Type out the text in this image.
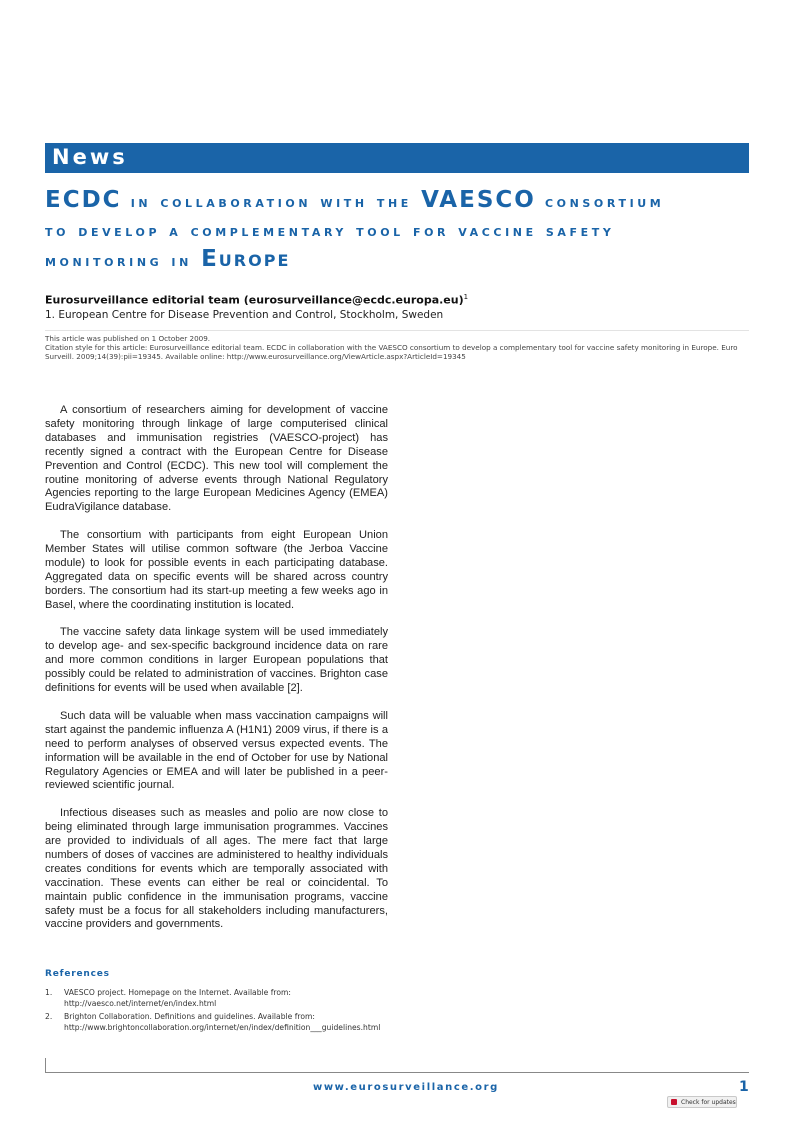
News
ECDC in collaboration with the VAESCO consortium
to develop a complementary tool for vaccine safety
monitoring in Europe
Eurosurveillance editorial team (eurosurveillance@ecdc.europa.eu)$^1$
1. European Centre for Disease Prevention and Control, Stockholm, Sweden
This article was published on 1 October 2009.
Citation style for this article: Eurosurveillance editorial team. ECDC in collaboration with the VAESCO consortium to develop a complementary tool for vaccine safety monitoring in Europe. Euro Surveill. 2009;14(39):pii=19345. Available online: http://www.eurosurveillance.org/ViewArticle.aspx?ArticleId=19345

A consortium of researchers aiming for development of vaccine safety monitoring through linkage of large computerised clinical databases and immunisation registries (VAESCO-project) has recently signed a contract with the European Centre for Disease Prevention and Control (ECDC). This new tool will complement the routine monitoring of adverse events through National Regulatory Agencies reporting to the large European Medicines Agency (EMEA) EudraVigilance database.

The consortium with participants from eight European Union Member States will utilise common software (the Jerboa Vaccine module) to look for possible events in each participating database. Aggregated data on specific events will be shared across country borders. The consortium had its start-up meeting a few weeks ago in Basel, where the coordinating institution is located.

The vaccine safety data linkage system will be used immediately to develop age- and sex-specific background incidence data on rare and more common conditions in larger European populations that possibly could be related to administration of vaccines. Brighton case definitions for events will be used when available [2].

Such data will be valuable when mass vaccination campaigns will start against the pandemic influenza A (H1N1) 2009 virus, if there is a need to perform analyses of observed versus expected events. The information will be available in the end of October for use by National Regulatory Agencies or EMEA and will later be published in a peer-reviewed scientific journal.

Infectious diseases such as measles and polio are now close to being eliminated through large immunisation programmes. Vaccines are provided to individuals of all ages. The mere fact that large numbers of doses of vaccines are administered to healthy individuals creates conditions for events which are temporally associated with vaccination. These events can either be real or coincidental. To maintain public confidence in the immunisation programs, vaccine safety must be a focus for all stakeholders including manufacturers, vaccine providers and governments.

References
1. VAESCO project. Homepage on the Internet. Available from: http://vaesco.net/internet/en/index.html
2. Brighton Collaboration. Definitions and guidelines. Available from: http://www.brightoncollaboration.org/internet/en/index/definition___guidelines.html
www.eurosurveillance.org	1
Check for updates
